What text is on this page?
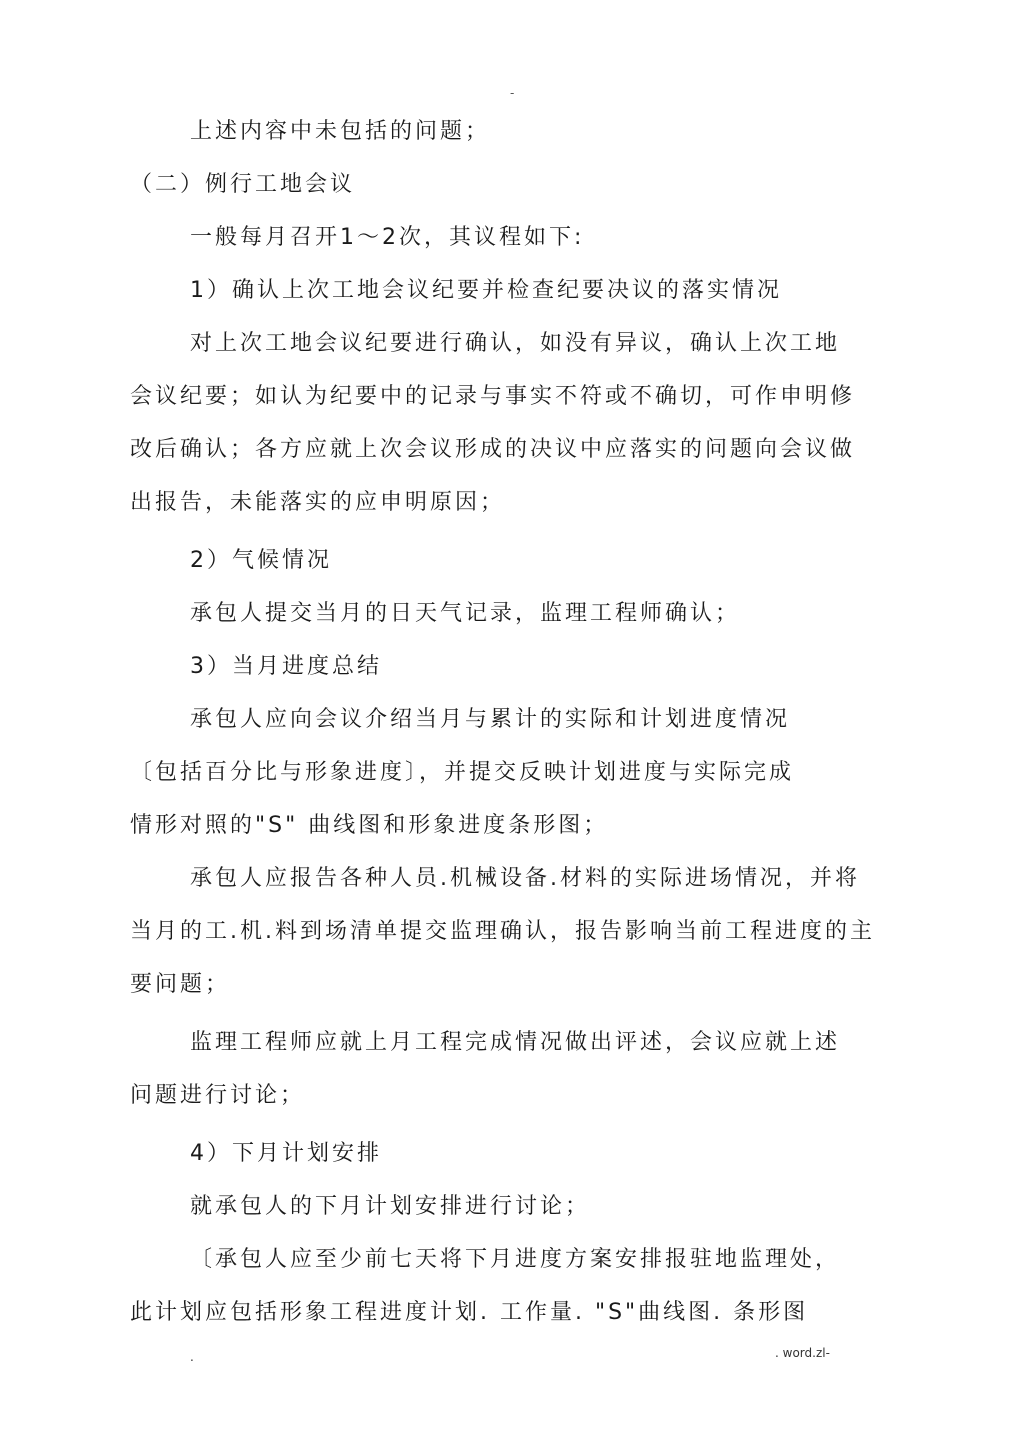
-

上述内容中未包括的问题；

（二）例行工地会议

一般每月召开1～2次，其议程如下:

1）确认上次工地会议纪要并检查纪要决议的落实情况

对上次工地会议纪要进行确认，如没有异议，确认上次工地

会议纪要；如认为纪要中的记录与事实不符或不确切，可作申明修

改后确认；各方应就上次会议形成的决议中应落实的问题向会议做

出报告，未能落实的应申明原因；

2）气候情况

承包人提交当月的日天气记录，监理工程师确认；

3）当月进度总结

承包人应向会议介绍当月与累计的实际和计划进度情况

〔包括百分比与形象进度〕，并提交反映计划进度与实际完成

情形对照的"S" 曲线图和形象进度条形图；

承包人应报告各种人员.机械设备.材料的实际进场情况，并将

当月的工.机.料到场清单提交监理确认，报告影响当前工程进度的主

要问题；

监理工程师应就上月工程完成情况做出评述，会议应就上述

问题进行讨论；

4）下月计划安排

就承包人的下月计划安排进行讨论；

〔承包人应至少前七天将下月进度方案安排报驻地监理处，

此计划应包括形象工程进度计划. 工作量. "S"曲线图. 条形图

.	. word.zl-
